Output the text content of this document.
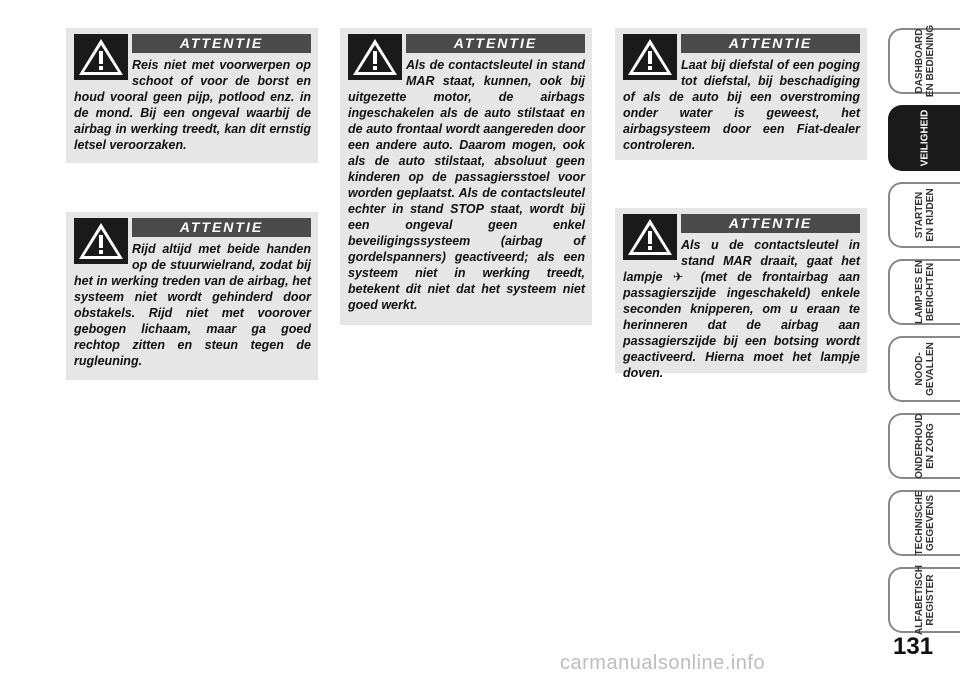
ATTENTIE

Reis niet met voorwerpen op schoot of voor de borst en houd vooral geen pijp, potlood enz. in de mond. Bij een ongeval waarbij de airbag in werking treedt, kan dit ernstig letsel veroorzaken.

ATTENTIE

Rijd altijd met beide handen op de stuurwielrand, zodat bij het in werking treden van de airbag, het systeem niet wordt gehinderd door obstakels. Rijd niet met voorover gebogen lichaam, maar ga goed rechtop zitten en steun tegen de rugleuning.

ATTENTIE

Als de contactsleutel in stand MAR staat, kunnen, ook bij uitgezette motor, de airbags ingeschakelen als de auto stilstaat en de auto frontaal wordt aangereden door een andere auto. Daarom mogen, ook als de auto stilstaat, absoluut geen kinderen op de passagiersstoel voor worden geplaatst. Als de contactsleutel echter in stand STOP staat, wordt bij een ongeval geen enkel beveiligingssysteem (airbag of gordelspanners) geactiveerd; als een systeem niet in werking treedt, betekent dit niet dat het systeem niet goed werkt.

ATTENTIE

Laat bij diefstal of een poging tot diefstal, bij beschadiging of als de auto bij een overstroming onder water is geweest, het airbagsysteem door een Fiat-dealer controleren.

ATTENTIE

Als u de contactsleutel in stand MAR draait, gaat het lampje ✈ (met de frontairbag aan passagierszijde ingeschakeld) enkele seconden knipperen, om u eraan te herinneren dat de airbag aan passagierszijde bij een botsing wordt geactiveerd. Hierna moet het lampje doven.

DASHBOARD
EN BEDIENING
VEILIGHEID
STARTEN
EN RIJDEN
LAMPJES EN
BERICHTEN
NOOD-
GEVALLEN
ONDERHOUD
EN ZORG
TECHNISCHE
GEGEVENS
ALFABETISCH
REGISTER
131
carmanualsonline.info
